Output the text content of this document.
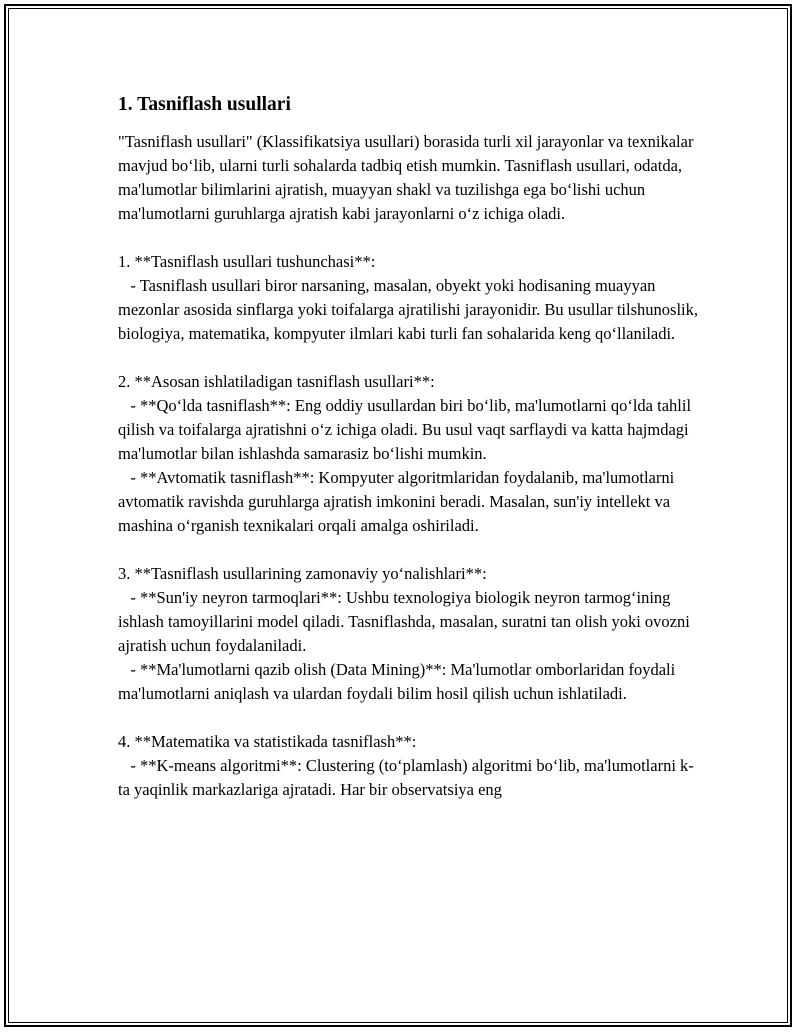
1. Tasniflash usullari

"Tasniflash usullari" (Klassifikatsiya usullari) borasida turli xil jarayonlar va texnikalar mavjud bo‘lib, ularni turli sohalarda tadbiq etish mumkin. Tasniflash usullari, odatda, ma'lumotlar bilimlarini ajratish, muayyan shakl va tuzilishga ega bo‘lishi uchun ma'lumotlarni guruhlarga ajratish kabi jarayonlarni o‘z ichiga oladi.

1. **Tasniflash usullari tushunchasi**:

- Tasniflash usullari biror narsaning, masalan, obyekt yoki hodisaning muayyan mezonlar asosida sinflarga yoki toifalarga ajratilishi jarayonidir. Bu usullar tilshunoslik, biologiya, matematika, kompyuter ilmlari kabi turli fan sohalarida keng qo‘llaniladi.

2. **Asosan ishlatiladigan tasniflash usullari**:

- **Qo‘lda tasniflash**: Eng oddiy usullardan biri bo‘lib, ma'lumotlarni qo‘lda tahlil qilish va toifalarga ajratishni o‘z ichiga oladi. Bu usul vaqt sarflaydi va katta hajmdagi ma'lumotlar bilan ishlashda samarasiz bo‘lishi mumkin.

- **Avtomatik tasniflash**: Kompyuter algoritmlaridan foydalanib, ma'lumotlarni avtomatik ravishda guruhlarga ajratish imkonini beradi. Masalan, sun'iy intellekt va mashina o‘rganish texnikalari orqali amalga oshiriladi.

3. **Tasniflash usullarining zamonaviy yo‘nalishlari**:

- **Sun'iy neyron tarmoqlari**: Ushbu texnologiya biologik neyron tarmog‘ining ishlash tamoyillarini model qiladi. Tasniflashda, masalan, suratni tan olish yoki ovozni ajratish uchun foydalaniladi.

- **Ma'lumotlarni qazib olish (Data Mining)**: Ma'lumotlar omborlaridan foydali ma'lumotlarni aniqlash va ulardan foydali bilim hosil qilish uchun ishlatiladi.

4. **Matematika va statistikada tasniflash**:

- **K-means algoritmi**: Clustering (to‘plamlash) algoritmi bo‘lib, ma'lumotlarni k-ta yaqinlik markazlariga ajratadi. Har bir observatsiya eng
